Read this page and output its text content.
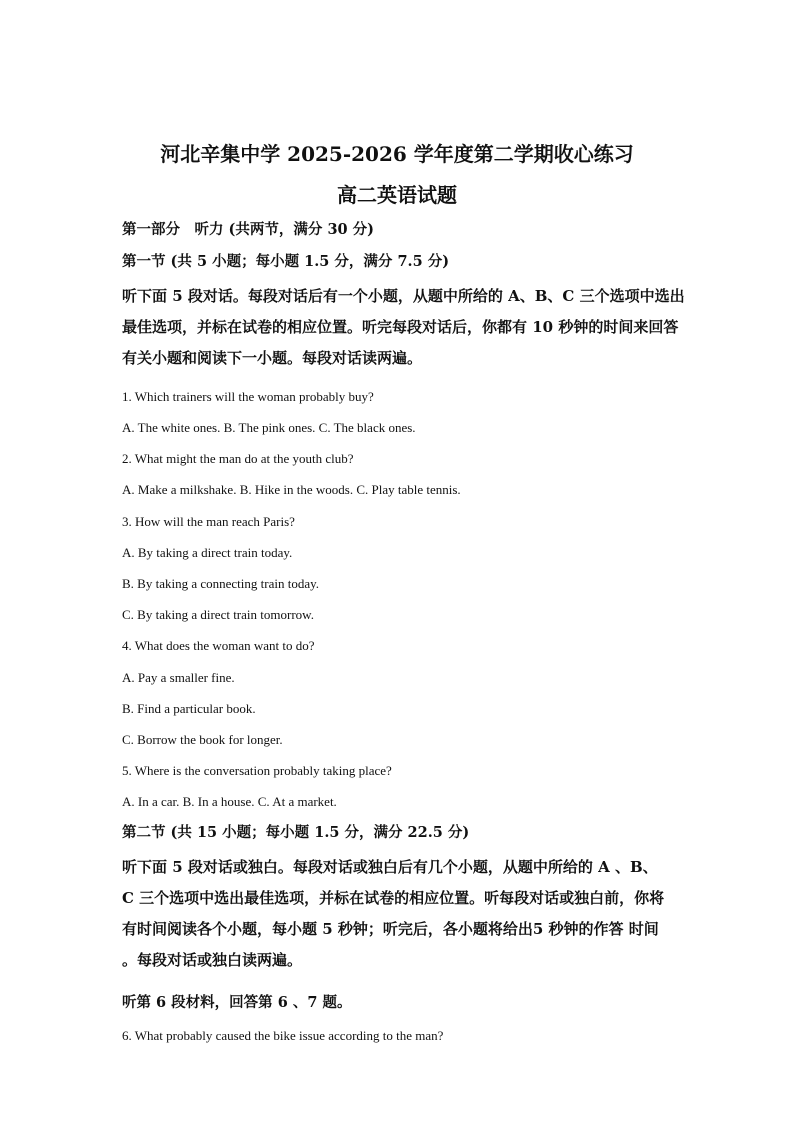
河北辛集中学 2025-2026 学年度第二学期收心练习
高二英语试题
第一部分　听力 (共两节，满分 30 分)
第一节 (共 5 小题；每小题 1.5 分，满分 7.5 分)
听下面 5 段对话。每段对话后有一个小题，从题中所给的 A、B、C 三个选项中选出最佳选项，并标在试卷的相应位置。听完每段对话后，你都有 10 秒钟的时间来回答有关小题和阅读下一小题。每段对话读两遍。
1. Which trainers will the woman probably buy?
A. The white ones. B. The pink ones. C. The black ones.
2. What might the man do at the youth club?
A. Make a milkshake. B. Hike in the woods. C. Play table tennis.
3. How will the man reach Paris?
A. By taking a direct train today.
B. By taking a connecting train today.
C. By taking a direct train tomorrow.
4. What does the woman want to do?
A. Pay a smaller fine.
B. Find a particular book.
C. Borrow the book for longer.
5. Where is the conversation probably taking place?
A. In a car. B. In a house. C. At a market.
第二节 (共 15 小题；每小题 1.5 分，满分 22.5 分)
听下面 5 段对话或独白。每段对话或独白后有几个小题，从题中所给的 A 、B、
C 三个选项中选出最佳选项，并标在试卷的相应位置。听每段对话或独白前，你将
有时间阅读各个小题，每小题 5 秒钟；听完后，各小题将给出5 秒钟的作答 时间
。每段对话或独白读两遍。
听第 6 段材料，回答第 6 、7 题。
6. What probably caused the bike issue according to the man?
